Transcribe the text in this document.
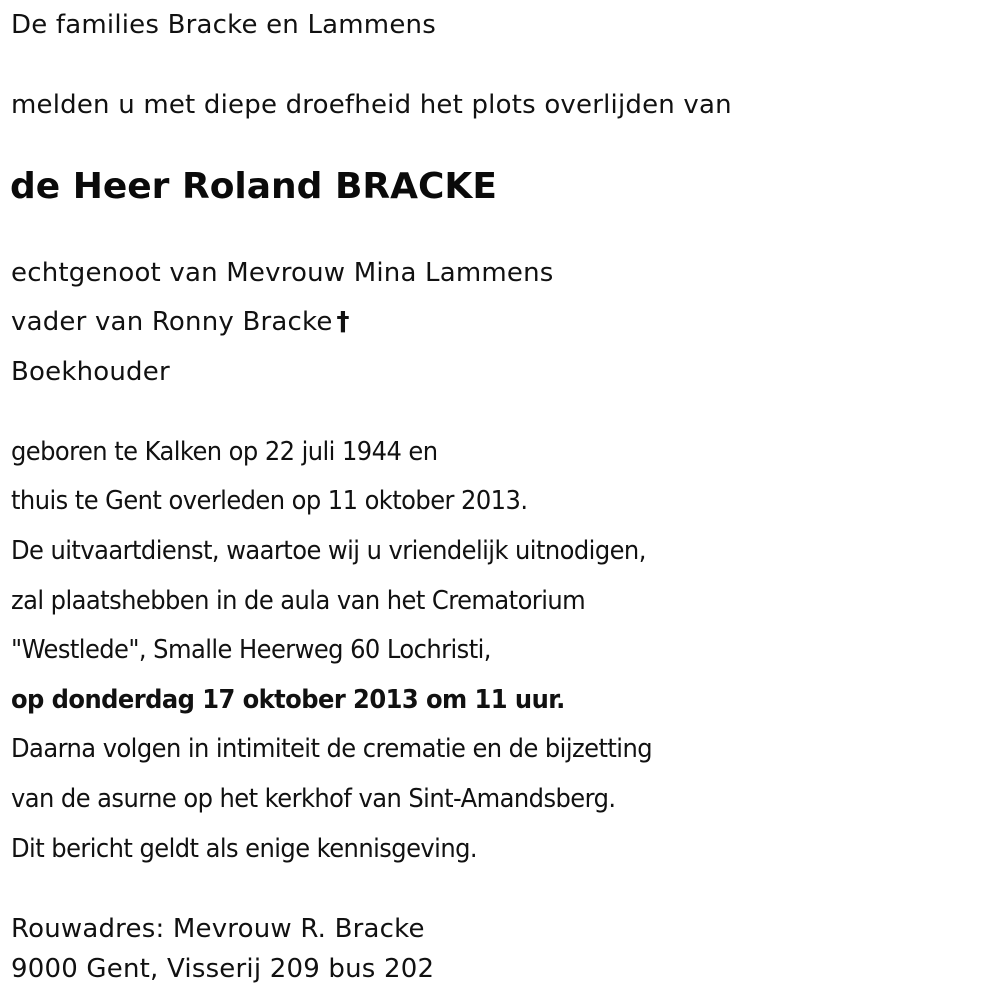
De families Bracke en Lammens
melden u met diepe droefheid het plots overlijden van
de Heer Roland BRACKE
echtgenoot van Mevrouw Mina Lammens
vader van Ronny Bracke †
Boekhouder
geboren te Kalken op 22 juli 1944 en
thuis te Gent overleden op 11 oktober 2013.
De uitvaartdienst, waartoe wij u vriendelijk uitnodigen,
zal plaatshebben in de aula van het Crematorium
"Westlede", Smalle Heerweg 60 Lochristi,
op donderdag 17 oktober 2013 om 11 uur.
Daarna volgen in intimiteit de crematie en de bijzetting
van de asurne op het kerkhof van Sint-Amandsberg.
Dit bericht geldt als enige kennisgeving.
Rouwadres: Mevrouw R. Bracke
9000 Gent, Visserij 209 bus 202
